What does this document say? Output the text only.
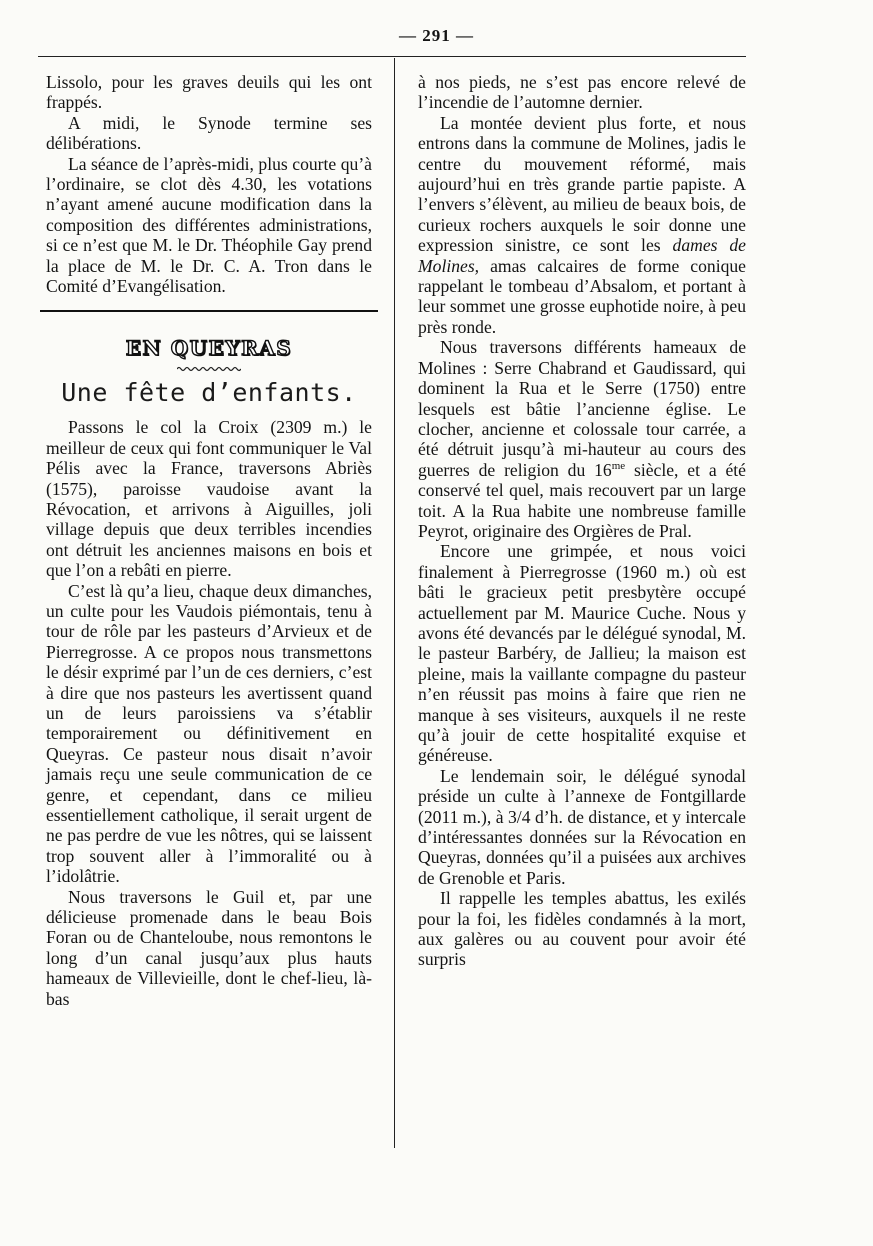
— 291 —

Lissolo, pour les graves deuils qui les ont frappés.

A midi, le Synode termine ses délibérations.

La séance de l’après-midi, plus courte qu’à l’ordinaire, se clot dès 4.30, les votations n’ayant amené aucune modification dans la composition des différentes administrations, si ce n’est que M. le Dr. Théophile Gay prend la place de M. le Dr. C. A. Tron dans le Comité d’Evangélisation.

EN QUEYRAS
Une fête d’enfants.

Passons le col la Croix (2309 m.) le meilleur de ceux qui font communiquer le Val Pélis avec la France, traversons Abriès (1575), paroisse vaudoise avant la Révocation, et arrivons à Aiguilles, joli village depuis que deux terribles incendies ont détruit les anciennes maisons en bois et que l’on a rebâti en pierre.

C’est là qu’a lieu, chaque deux dimanches, un culte pour les Vaudois piémontais, tenu à tour de rôle par les pasteurs d’Arvieux et de Pierregrosse. A ce propos nous transmettons le désir exprimé par l’un de ces derniers, c’est à dire que nos pasteurs les avertissent quand un de leurs paroissiens va s’établir temporairement ou définitivement en Queyras. Ce pasteur nous disait n’avoir jamais reçu une seule communication de ce genre, et cependant, dans ce milieu essentiellement catholique, il serait urgent de ne pas perdre de vue les nôtres, qui se laissent trop souvent aller à l’immoralité ou à l’idolâtrie.

Nous traversons le Guil et, par une délicieuse promenade dans le beau Bois Foran ou de Chanteloube, nous remontons le long d’un canal jusqu’aux plus hauts hameaux de Villevieille, dont le chef-lieu, là-bas

à nos pieds, ne s’est pas encore relevé de l’incendie de l’automne dernier.

La montée devient plus forte, et nous entrons dans la commune de Molines, jadis le centre du mouvement réformé, mais aujourd’hui en très grande partie papiste. A l’envers s’élèvent, au milieu de beaux bois, de curieux rochers auxquels le soir donne une expression sinistre, ce sont les dames de Molines, amas calcaires de forme conique rappelant le tombeau d’Absalom, et portant à leur sommet une grosse euphotide noire, à peu près ronde.

Nous traversons différents hameaux de Molines : Serre Chabrand et Gaudissard, qui dominent la Rua et le Serre (1750) entre lesquels est bâtie l’ancienne église. Le clocher, ancienne et colossale tour carrée, a été détruit jusqu’à mi-hauteur au cours des guerres de religion du $16^{me}$ siècle, et a été conservé tel quel, mais recouvert par un large toit. A la Rua habite une nombreuse famille Peyrot, originaire des Orgières de Pral.

Encore une grimpée, et nous voici finalement à Pierregrosse (1960 m.) où est bâti le gracieux petit presbytère occupé actuellement par M. Maurice Cuche. Nous y avons été devancés par le délégué synodal, M. le pasteur Barbéry, de Jallieu; la maison est pleine, mais la vaillante compagne du pasteur n’en réussit pas moins à faire que rien ne manque à ses visiteurs, auxquels il ne reste qu’à jouir de cette hospitalité exquise et généreuse.

Le lendemain soir, le délégué synodal préside un culte à l’annexe de Fontgillarde (2011 m.), à 3/4 d’h. de distance, et y intercale d’intéressantes données sur la Révocation en Queyras, données qu’il a puisées aux archives de Grenoble et Paris.

Il rappelle les temples abattus, les exilés pour la foi, les fidèles condamnés à la mort, aux galères ou au couvent pour avoir été surpris
